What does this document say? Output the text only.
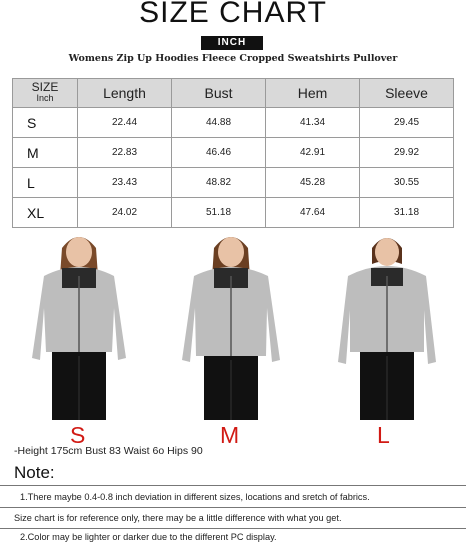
SIZE CHART
INCH
Womens Zip Up Hoodies Fleece Cropped Sweatshirts Pullover
SIZE
Inch	Length	Bust	Hem	Sleeve
S	22.44	44.88	41.34	29.45
M	22.83	46.46	42.91	29.92
L	23.43	48.82	45.28	30.55
XL	24.02	51.18	47.64	31.18
S	M	L
-Height 175cm Bust 83 Waist 6o Hips 90
Note:
1.There maybe 0.4-0.8 inch deviation in different sizes, locations and sretch of fabrics.
Size chart is for reference only, there may be a little difference with what you get.
2.Color may be lighter or darker due to the different PC display.
